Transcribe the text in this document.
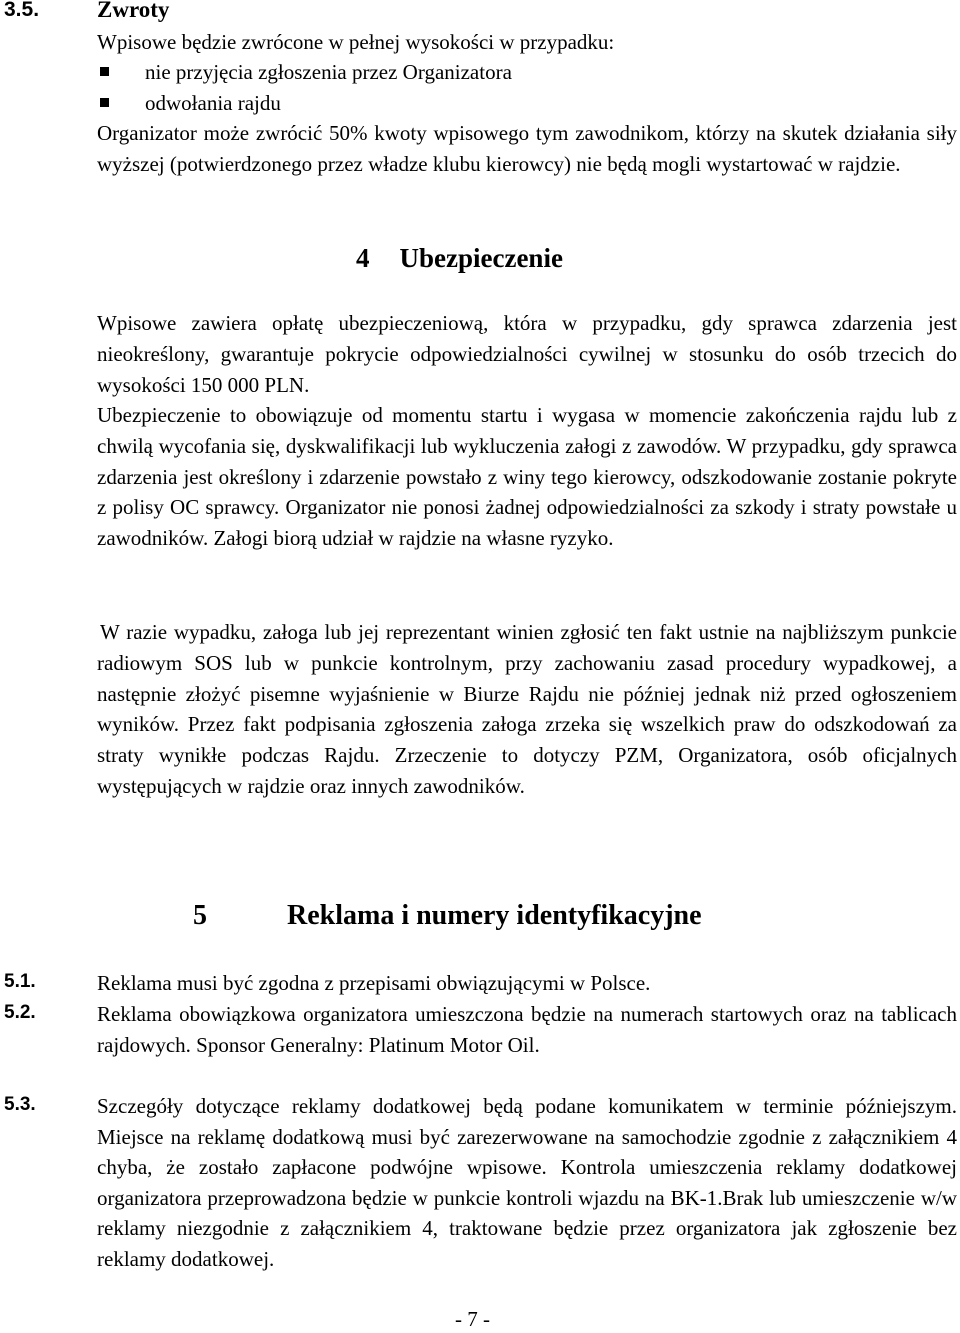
3.5.	Zwroty
Wpisowe będzie zwrócone w pełnej wysokości w przypadku:
nie przyjęcia zgłoszenia przez Organizatora
odwołania rajdu
Organizator może zwrócić 50% kwoty wpisowego tym zawodnikom, którzy na skutek działania siły wyższej (potwierdzonego przez władze klubu kierowcy) nie będą mogli wystartować w rajdzie.
4 Ubezpieczenie
Wpisowe zawiera opłatę ubezpieczeniową, która w przypadku, gdy sprawca zdarzenia jest nieokreślony, gwarantuje pokrycie odpowiedzialności cywilnej w stosunku do osób trzecich do wysokości 150 000 PLN.
Ubezpieczenie to obowiązuje od momentu startu i wygasa w momencie zakończenia rajdu lub z chwilą wycofania się, dyskwalifikacji lub wykluczenia załogi z zawodów. W przypadku, gdy sprawca zdarzenia jest określony i zdarzenie powstało z winy tego kierowcy, odszkodowanie zostanie pokryte z polisy OC sprawcy. Organizator nie ponosi żadnej odpowiedzialności za szkody i straty powstałe u zawodników. Załogi biorą udział w rajdzie na własne ryzyko.
W razie wypadku, załoga lub jej reprezentant winien zgłosić ten fakt ustnie na najbliższym punkcie radiowym SOS lub w punkcie kontrolnym, przy zachowaniu zasad procedury wypadkowej, a następnie złożyć pisemne wyjaśnienie w Biurze Rajdu nie później jednak niż przed ogłoszeniem wyników. Przez fakt podpisania zgłoszenia załoga zrzeka się wszelkich praw do odszkodowań za straty wynikłe podczas Rajdu. Zrzeczenie to dotyczy PZM, Organizatora, osób oficjalnych występujących w rajdzie oraz innych zawodników.
5	Reklama i numery identyfikacyjne
5.1.	Reklama musi być zgodna z przepisami obwiązującymi w Polsce.
5.2.	Reklama obowiązkowa organizatora umieszczona będzie na numerach startowych oraz na tablicach rajdowych. Sponsor Generalny: Platinum Motor Oil.
5.3.	Szczegóły dotyczące reklamy dodatkowej będą podane komunikatem w terminie późniejszym. Miejsce na reklamę dodatkową musi być zarezerwowane na samochodzie zgodnie z załącznikiem 4 chyba, że zostało zapłacone podwójne wpisowe. Kontrola umieszczenia reklamy dodatkowej organizatora przeprowadzona będzie w punkcie kontroli wjazdu na BK-1.Brak lub umieszczenie w/w reklamy niezgodnie z załącznikiem 4, traktowane będzie przez organizatora jak zgłoszenie bez reklamy dodatkowej.
- 7 -
